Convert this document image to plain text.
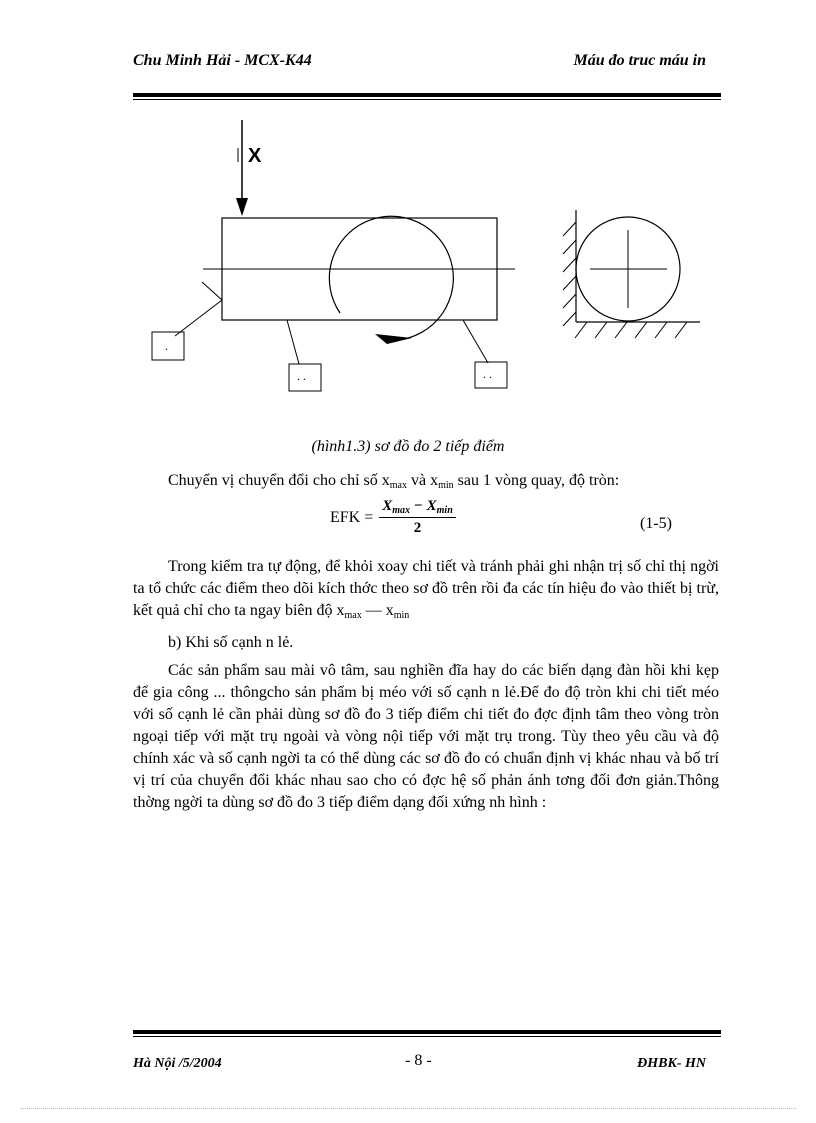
Chu Minh Hải - MCX-K44	Máu đo truc máu in
X
.
. .	. .
(hình1.3) sơ đồ đo 2 tiếp điểm
Chuyển vị chuyển đổi cho chỉ số $x_{max}$ và $x_{min}$ sau 1 vòng quay, độ tròn:
EFK = $\frac{X_{max} - X_{min}}{2}$	(1-5)
Trong kiểm tra tự động, để khỏi xoay chi tiết và tránh phải ghi nhận trị số chỉ thị ngời ta tổ chức các điểm theo dõi kích thớc theo sơ đồ trên rồi đa các tín hiệu đo vào thiết bị trừ, kết quả chỉ cho ta ngay biên độ $x_{max}$ — $x_{min}$
b) Khi số cạnh n lẻ.
Các sản phẩm sau mài vô tâm, sau nghiền đĩa hay do các biến dạng đàn hồi khi kẹp để gia công ... thôngcho sản phẩm bị méo với số cạnh n lẻ.Để đo độ tròn khi chi tiết méo với số cạnh lẻ cần phải dùng sơ đồ đo 3 tiếp điểm chi tiết đo đợc định tâm theo vòng tròn ngoại tiếp với mặt trụ ngoài và vòng nội tiếp với mặt trụ trong. Tùy theo yêu cầu và độ chính xác và số cạnh ngời ta có thể dùng các sơ đồ đo có chuẩn định vị khác nhau và bố trí vị trí của chuyển đổi khác nhau sao cho có đợc hệ số phản ánh tơng đối đơn giản.Thông thờng ngời ta dùng sơ đồ đo 3 tiếp điểm dạng đối xứng nh hình :
Hà Nội /5/2004	- 8 -	ĐHBK- HN
